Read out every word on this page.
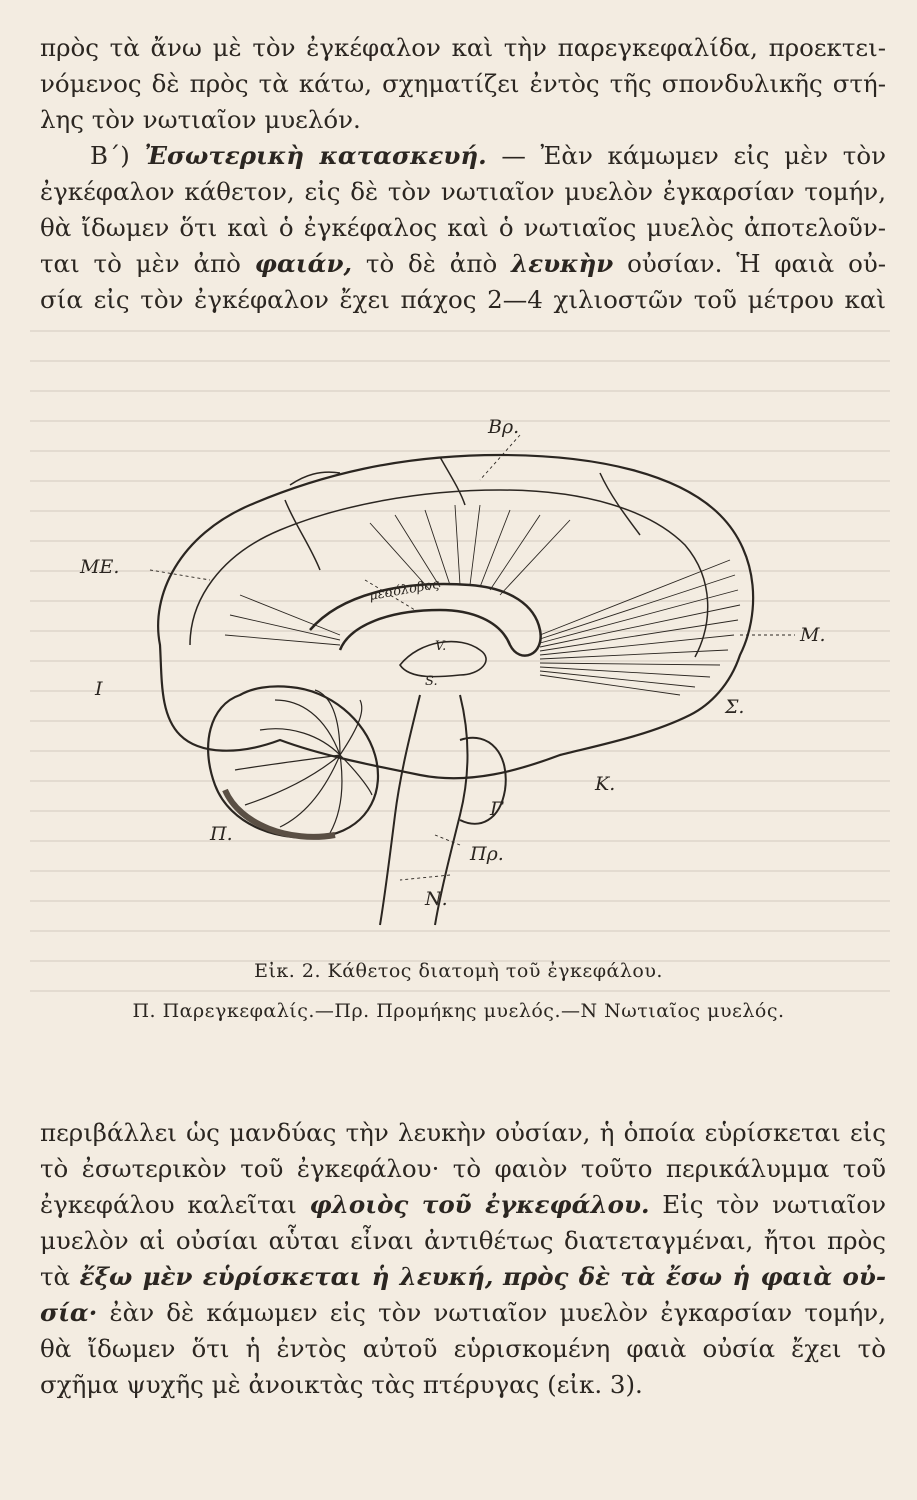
πρὸς τὰ ἄνω μὲ τὸν ἐγκέφαλον καὶ τὴν παρεγκεφαλίδα, προεκτει-
νόμενος δὲ πρὸς τὰ κάτω, σχηματίζει ἐντὸς τῆς σπονδυλικῆς στή-
λης τὸν νωτιαῖον μυελόν.
Β΄) Ἐσωτερικὴ κατασκευή. — Ἐὰν κάμωμεν εἰς μὲν τὸν
ἐγκέφαλον κάθετον, εἰς δὲ τὸν νωτιαῖον μυελὸν ἐγκαρσίαν τομήν,
θὰ ἴδωμεν ὅτι καὶ ὁ ἐγκέφαλος καὶ ὁ νωτιαῖος μυελὸς ἀποτελοῦν-
ται τὸ μὲν ἀπὸ φαιάν, τὸ δὲ ἀπὸ λευκὴν οὐσίαν. Ἡ φαιὰ οὐ-
σία εἰς τὸν ἐγκέφαλον ἔχει πάχος 2—4 χιλιοστῶν τοῦ μέτρου καὶ
Βρ.
ΜΕ.
Μ.
Ι
μεσόλοβος
V.
S.
Σ.
Κ.
Π.
Γ
Πρ.
Ν.
Εἰκ. 2. Κάθετος διατομὴ τοῦ ἐγκεφάλου.
Π. Παρεγκεφαλίς.—Πρ. Προμήκης μυελός.—Ν Νωτιαῖος μυελός.
περιβάλλει ὡς μανδύας τὴν λευκὴν οὐσίαν, ἡ ὁποία εὑρίσκεται εἰς
τὸ ἐσωτερικὸν τοῦ ἐγκεφάλου· τὸ φαιὸν τοῦτο περικάλυμμα τοῦ
ἐγκεφάλου καλεῖται φλοιὸς τοῦ ἐγκεφάλου. Εἰς τὸν νωτιαῖον
μυελὸν αἱ οὐσίαι αὗται εἶναι ἀντιθέτως διατεταγμέναι, ἤτοι πρὸς
τὰ ἔξω μὲν εὑρίσκεται ἡ λευκή, πρὸς δὲ τὰ ἔσω ἡ φαιὰ οὐ-
σία· ἐὰν δὲ κάμωμεν εἰς τὸν νωτιαῖον μυελὸν ἐγκαρσίαν τομήν,
θὰ ἴδωμεν ὅτι ἡ ἐντὸς αὐτοῦ εὑρισκομένη φαιὰ οὐσία ἔχει τὸ
σχῆμα ψυχῆς μὲ ἀνοικτὰς τὰς πτέρυγας (εἰκ. 3).
